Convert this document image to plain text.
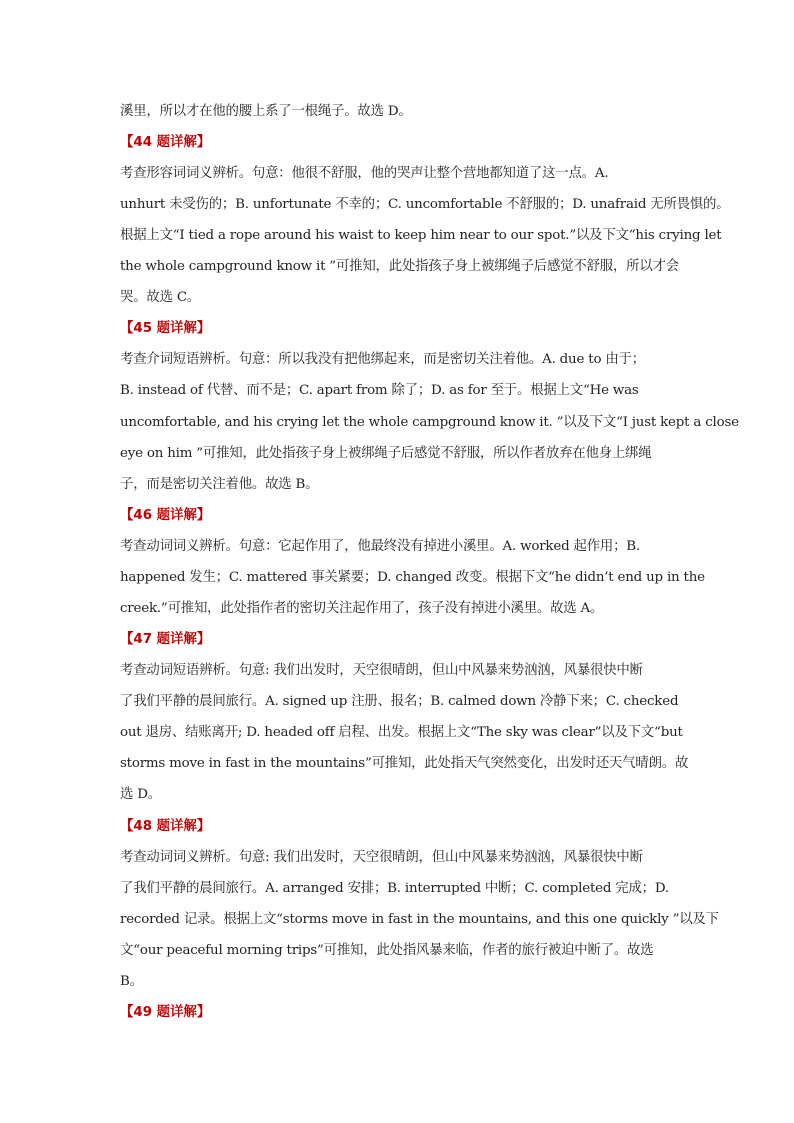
溪里，所以才在他的腰上系了一根绳子。故选 D。
【44 题详解】
考查形容词词义辨析。句意：他很不舒服，他的哭声让整个营地都知道了这一点。A.
unhurt 未受伤的；B. unfortunate 不幸的；C. uncomfortable 不舒服的；D. unafraid 无所畏惧的。
根据上文“I tied a rope around his waist to keep him near to our spot.”以及下文“his crying let
the whole campground know it ”可推知，此处指孩子身上被绑绳子后感觉不舒服，所以才会
哭。故选 C。
【45 题详解】
考查介词短语辨析。句意：所以我没有把他绑起来，而是密切关注着他。A. due to 由于；
B. instead of 代替、而不是；C. apart from 除了；D. as for 至于。根据上文“He was
uncomfortable, and his crying let the whole campground know it. ”以及下文“I just kept a close
eye on him ”可推知，此处指孩子身上被绑绳子后感觉不舒服，所以作者放弃在他身上绑绳
子，而是密切关注着他。故选 B。
【46 题详解】
考查动词词义辨析。句意：它起作用了，他最终没有掉进小溪里。A. worked 起作用；B.
happened 发生；C. mattered 事关紧要；D. changed 改变。根据下文“he didn’t end up in the
creek.”可推知，此处指作者的密切关注起作用了，孩子没有掉进小溪里。故选 A。
【47 题详解】
考查动词短语辨析。句意: 我们出发时，天空很晴朗，但山中风暴来势汹汹，风暴很快中断
了我们平静的晨间旅行。A. signed up 注册、报名；B. calmed down 冷静下来；C. checked
out 退房、结账离开; D. headed off 启程、出发。根据上文“The sky was clear”以及下文“but
storms move in fast in the mountains”可推知，此处指天气突然变化，出发时还天气晴朗。故
选 D。
【48 题详解】
考查动词词义辨析。句意: 我们出发时，天空很晴朗，但山中风暴来势汹汹，风暴很快中断
了我们平静的晨间旅行。A. arranged 安排；B. interrupted 中断；C. completed 完成；D.
recorded 记录。根据上文“storms move in fast in the mountains, and this one quickly ”以及下
文“our peaceful morning trips”可推知，此处指风暴来临，作者的旅行被迫中断了。故选
B。
【49 题详解】
